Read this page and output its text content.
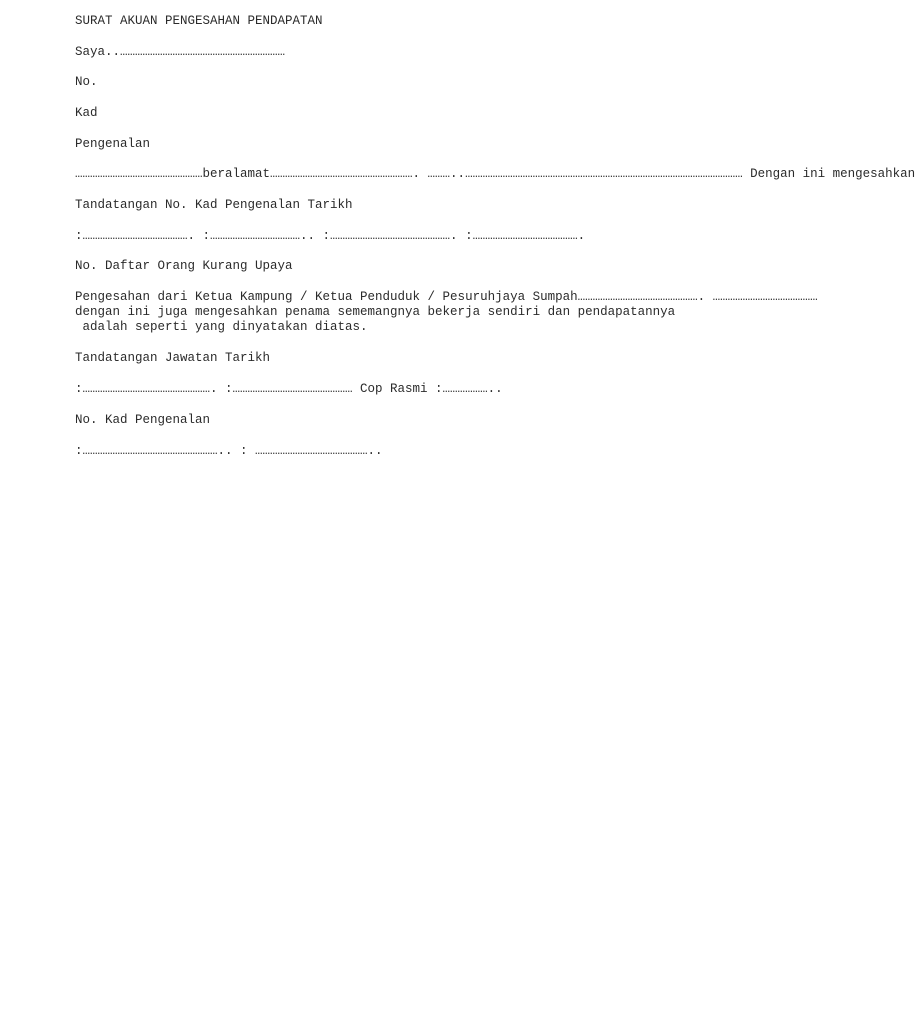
SURAT AKUAN PENGESAHAN PENDAPATAN

Saya..…………………………………………………………

No.

Kad

Pengenalan

……………………………………………beralamat…………………………………………………. ………..………………………………………………………………………………………………… Dengan ini mengesahkan

Tandatangan No. Kad Pengenalan Tarikh

:……………………………………. :……………………………….. :…………………………………………. :…………………………………….

No. Daftar Orang Kurang Upaya

Pengesahan dari Ketua Kampung / Ketua Penduduk / Pesuruhjaya Sumpah…………………………………………. ……………………………………

dengan ini juga mengesahkan penama sememangnya bekerja sendiri dan pendapatannya

adalah seperti yang dinyatakan diatas.

Tandatangan Jawatan Tarikh

:……………………………………………. :………………………………………… Cop Rasmi :………………..

No. Kad Pengenalan

:……………………………………………….. : ………………………………………..
